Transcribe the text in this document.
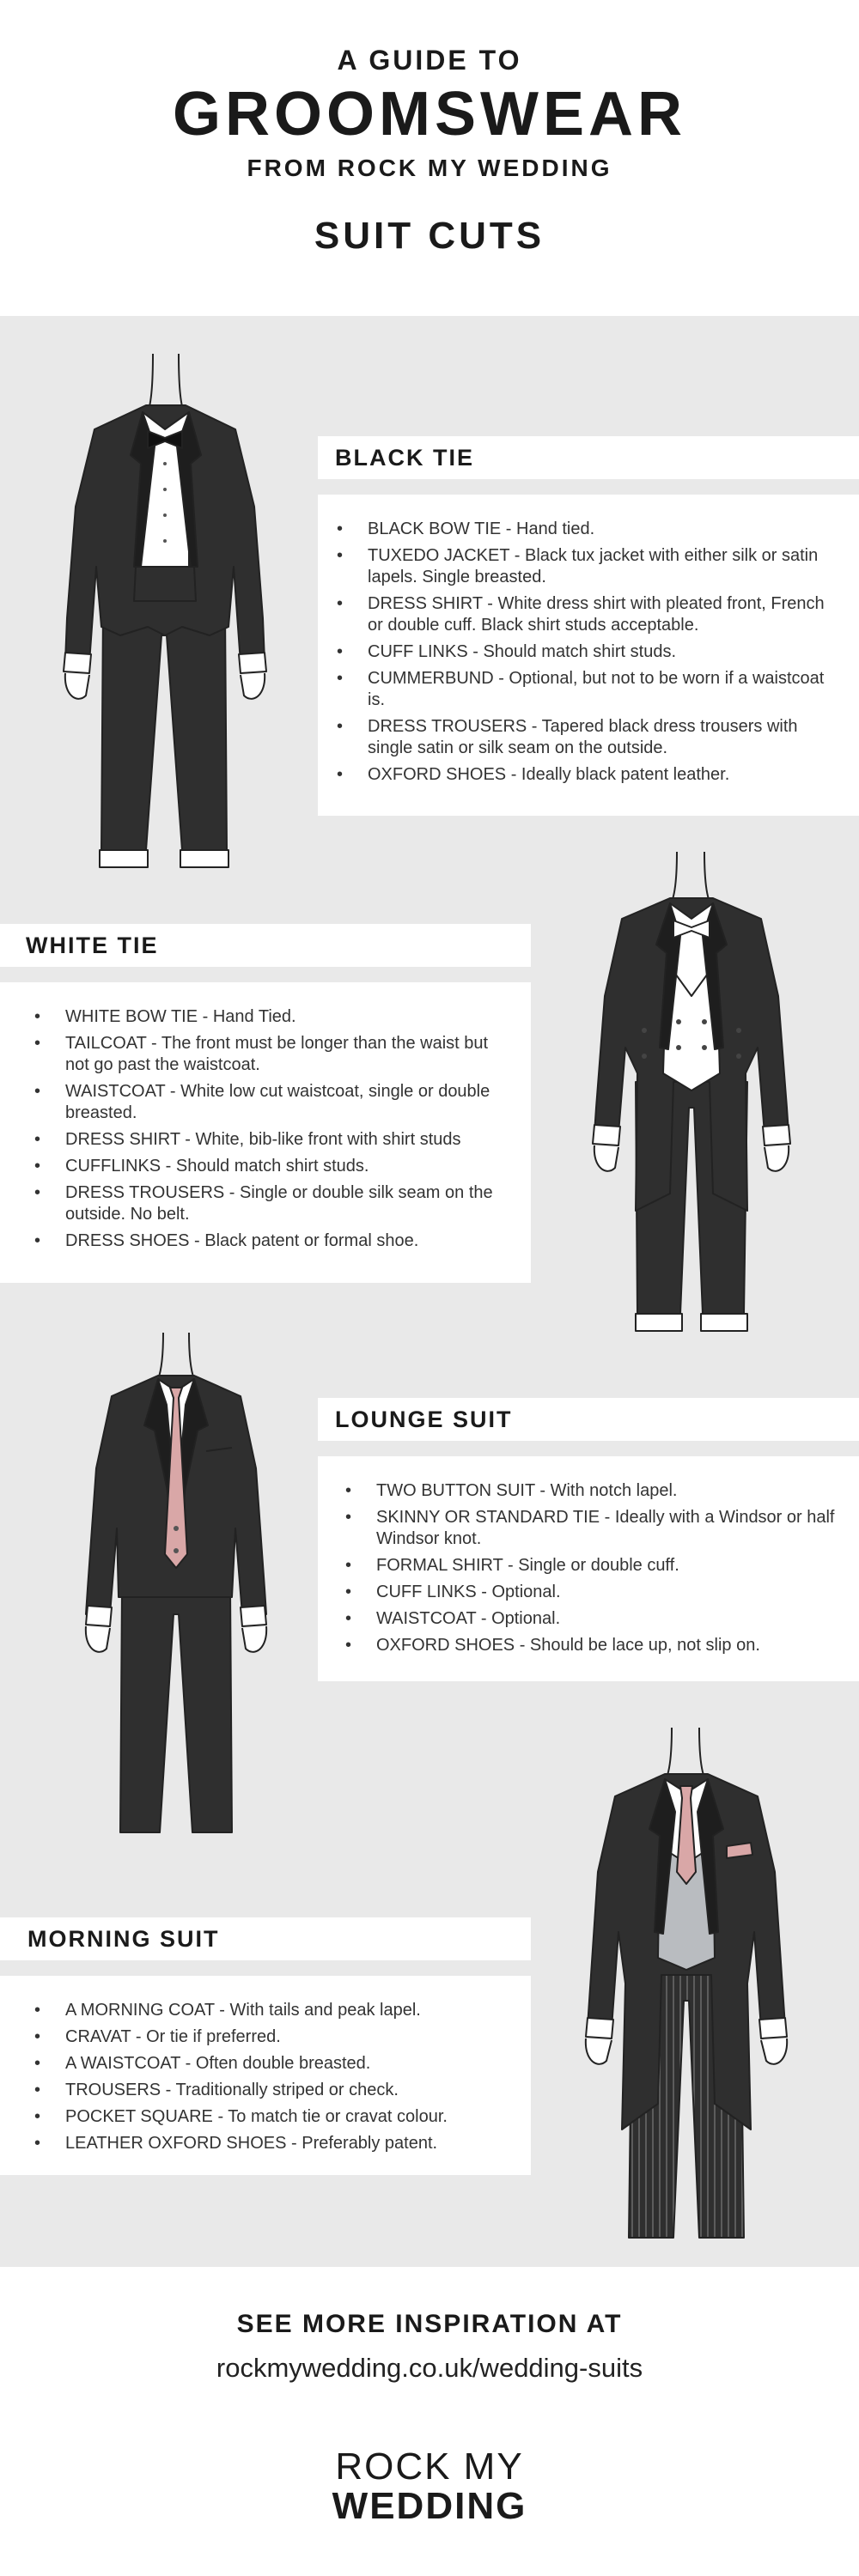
A GUIDE TO
GROOMSWEAR
FROM ROCK MY WEDDING
SUIT CUTS
BLACK TIE
• BLACK BOW TIE - Hand tied.
• TUXEDO JACKET - Black tux jacket with either silk or satin lapels. Single breasted.
• DRESS SHIRT - White dress shirt with pleated front, French or double cuff. Black shirt studs acceptable.
• CUFF LINKS - Should match shirt studs.
• CUMMERBUND - Optional, but not to be worn if a waistcoat is.
• DRESS TROUSERS - Tapered black dress trousers with single satin or silk seam on the outside.
• OXFORD SHOES - Ideally black patent leather.
WHITE TIE
• WHITE BOW TIE - Hand Tied.
• TAILCOAT - The front must be longer than the waist but not go past the waistcoat.
• WAISTCOAT - White low cut waistcoat, single or double breasted.
• DRESS SHIRT - White, bib-like front with shirt studs
• CUFFLINKS - Should match shirt studs.
• DRESS TROUSERS - Single or double silk seam on the outside. No belt.
• DRESS SHOES - Black patent or formal shoe.
LOUNGE SUIT
• TWO BUTTON SUIT - With notch lapel.
• SKINNY OR STANDARD TIE - Ideally with a Windsor or half Windsor knot.
• FORMAL SHIRT - Single or double cuff.
• CUFF LINKS - Optional.
• WAISTCOAT - Optional.
• OXFORD SHOES - Should be lace up, not slip on.
MORNING SUIT
• A MORNING COAT - With tails and peak lapel.
• CRAVAT - Or tie if preferred.
• A WAISTCOAT - Often double breasted.
• TROUSERS - Traditionally striped or check.
• POCKET SQUARE - To match tie or cravat colour.
• LEATHER OXFORD SHOES - Preferably patent.
SEE MORE INSPIRATION AT
rockmywedding.co.uk/wedding-suits
ROCK MY
WEDDING
